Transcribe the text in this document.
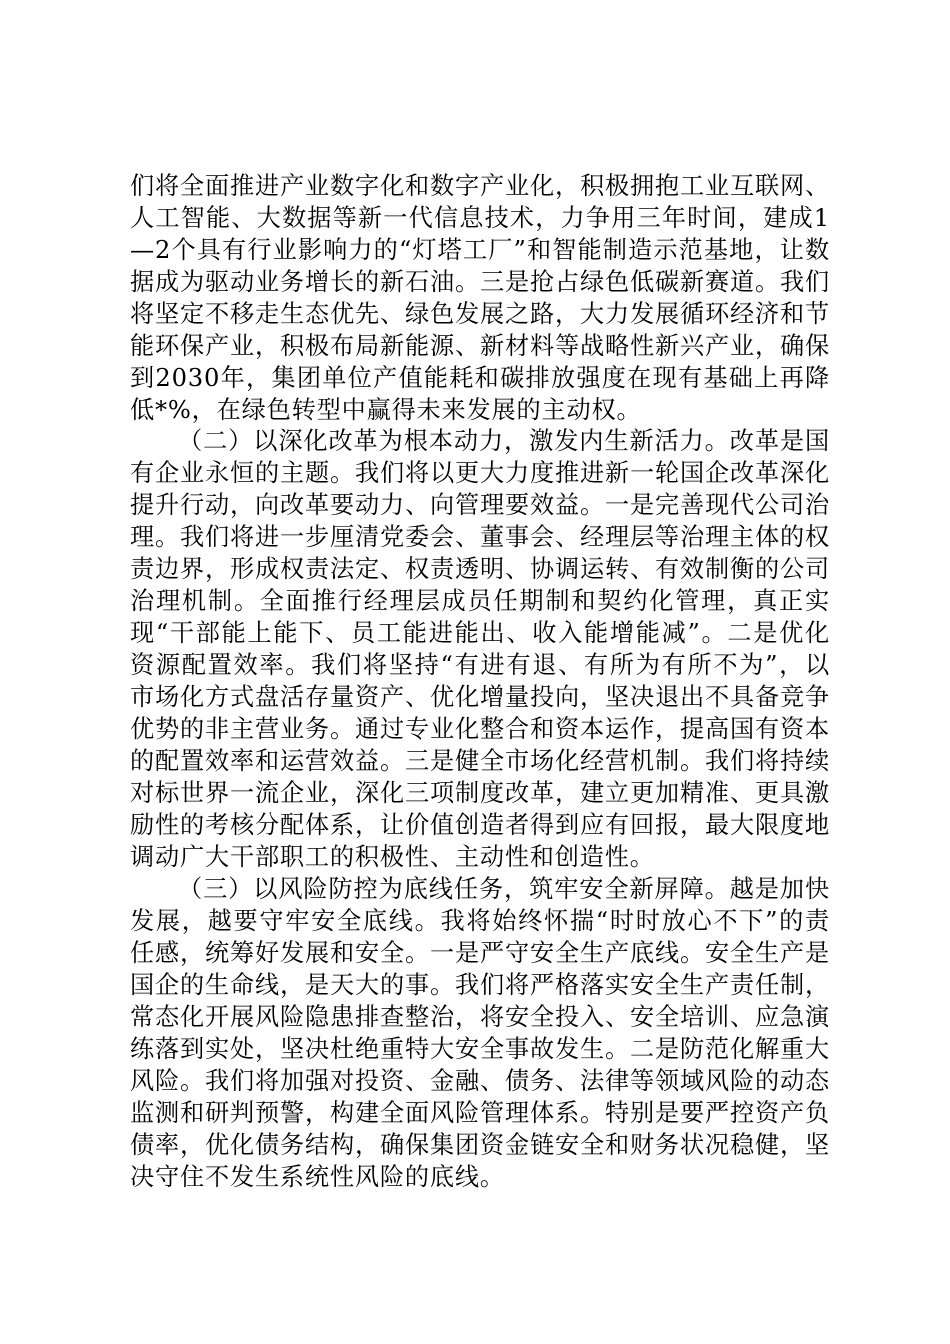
们将全面推进产业数字化和数字产业化，积极拥抱工业互联网、人工智能、大数据等新一代信息技术，力争用三年时间，建成1—2个具有行业影响力的“灯塔工厂”和智能制造示范基地，让数据成为驱动业务增长的新石油。三是抢占绿色低碳新赛道。我们将坚定不移走生态优先、绿色发展之路，大力发展循环经济和节能环保产业，积极布局新能源、新材料等战略性新兴产业，确保到2030年，集团单位产值能耗和碳排放强度在现有基础上再降低*%，在绿色转型中赢得未来发展的主动权。

（二）以深化改革为根本动力，激发内生新活力。改革是国有企业永恒的主题。我们将以更大力度推进新一轮国企改革深化提升行动，向改革要动力、向管理要效益。一是完善现代公司治理。我们将进一步厘清党委会、董事会、经理层等治理主体的权责边界，形成权责法定、权责透明、协调运转、有效制衡的公司治理机制。全面推行经理层成员任期制和契约化管理，真正实现“干部能上能下、员工能进能出、收入能增能减”。二是优化资源配置效率。我们将坚持“有进有退、有所为有所不为”，以市场化方式盘活存量资产、优化增量投向，坚决退出不具备竞争优势的非主营业务。通过专业化整合和资本运作，提高国有资本的配置效率和运营效益。三是健全市场化经营机制。我们将持续对标世界一流企业，深化三项制度改革，建立更加精准、更具激励性的考核分配体系，让价值创造者得到应有回报，最大限度地调动广大干部职工的积极性、主动性和创造性。

（三）以风险防控为底线任务，筑牢安全新屏障。越是加快发展，越要守牢安全底线。我将始终怀揣“时时放心不下”的责任感，统筹好发展和安全。一是严守安全生产底线。安全生产是国企的生命线，是天大的事。我们将严格落实安全生产责任制，常态化开展风险隐患排查整治，将安全投入、安全培训、应急演练落到实处，坚决杜绝重特大安全事故发生。二是防范化解重大风险。我们将加强对投资、金融、债务、法律等领域风险的动态监测和研判预警，构建全面风险管理体系。特别是要严控资产负债率，优化债务结构，确保集团资金链安全和财务状况稳健，坚决守住不发生系统性风险的底线。
